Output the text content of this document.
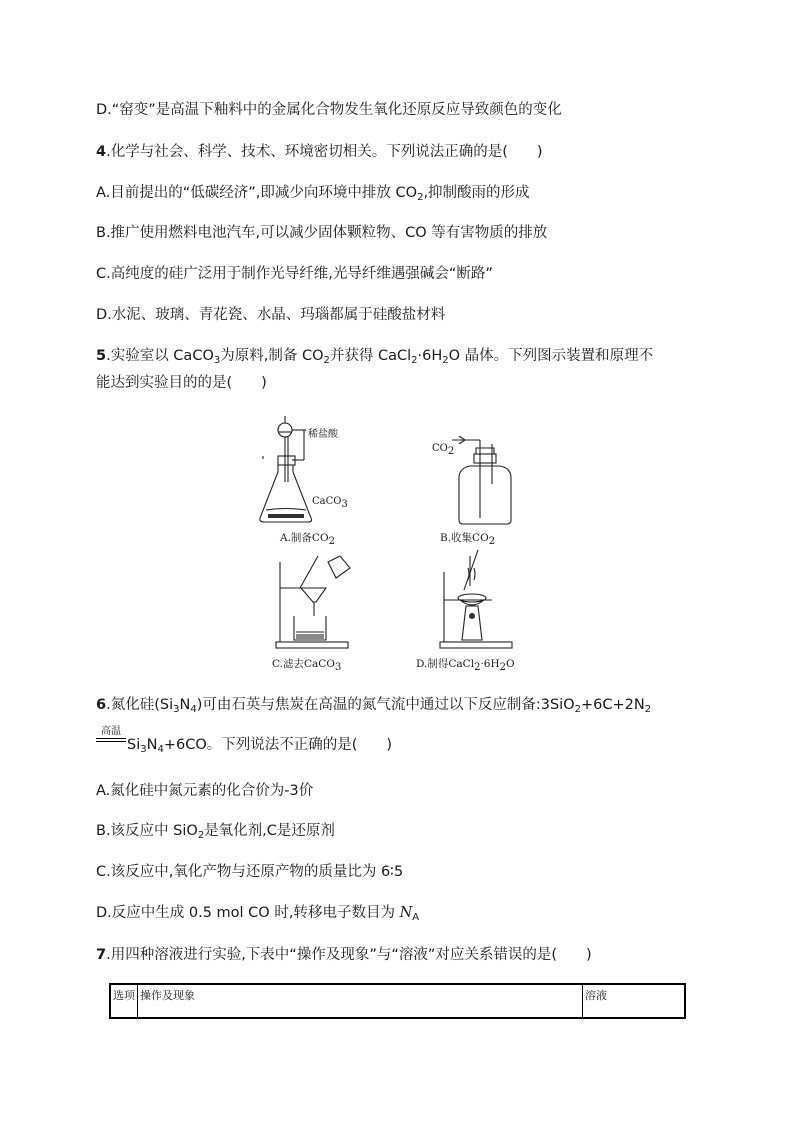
D.“窑变”是高温下釉料中的金属化合物发生氧化还原反应导致颜色的变化
4.化学与社会、科学、技术、环境密切相关。下列说法正确的是(　　)
A.目前提出的“低碳经济”,即减少向环境中排放 $CO_2$,抑制酸雨的形成
B.推广使用燃料电池汽车,可以减少固体颗粒物、CO 等有害物质的排放
C.高纯度的硅广泛用于制作光导纤维,光导纤维遇强碱会“断路”
D.水泥、玻璃、青花瓷、水晶、玛瑙都属于硅酸盐材料
5.实验室以 CaCO$_3$为原料,制备 $CO_2$并获得 $CaCl_2\cdot 6H_2O$ 晶体。下列图示装置和原理不
能达到实验目的的是(　　)
稀盐酸
CaCO$_3$
$CO_2$
A.制备$CO_2$	B.收集$CO_2$
C.滤去CaCO$_3$	D.制得$CaCl_2\cdot 6H_2O$
6.氮化硅$(Si_3N_4)$可由石英与焦炭在高温的氮气流中通过以下反应制备$:3SiO_2+6C+2N_2$
高温
$Si_3N_4+6CO$。下列说法不正确的是(　　)
A.氮化硅中氮元素的化合价为-3价
B.该反应中 SiO$_2$是氧化剂,C是还原剂
C.该反应中,氧化产物与还原产物的质量比为 6∶5
D.反应中生成 0.5 mol CO 时,转移电子数目为 $N_A$
7.用四种溶液进行实验,下表中“操作及现象”与“溶液”对应关系错误的是(　　)
选项	操作及现象	溶液
